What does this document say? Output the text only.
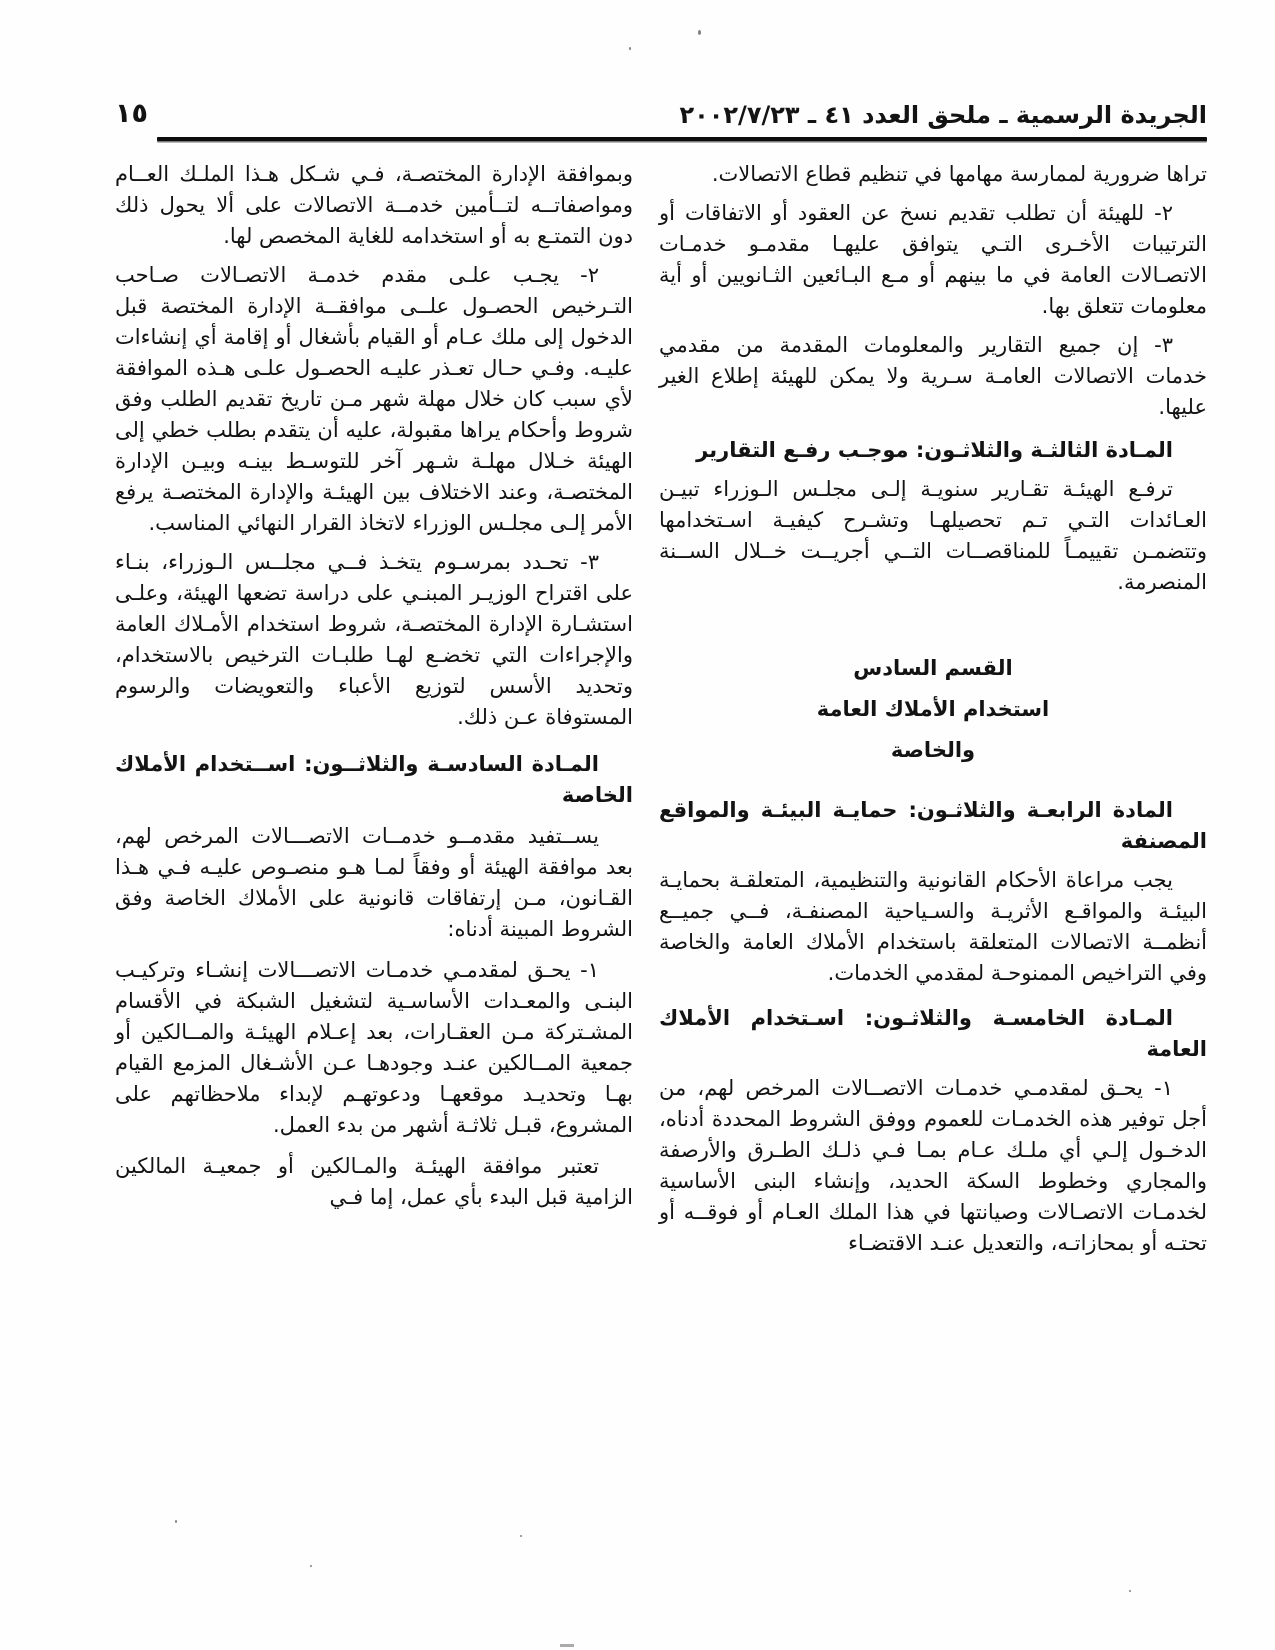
الجريدة الرسمية ـ ملحق العدد ٤١ ـ ٢٠٠٢/٧/٢٣
١٥
تراها ضرورية لممارسة مهامها في تنظيم قطاع الاتصالات.
٢- للهيئة أن تطلب تقديم نسخ عن العقود أو الاتفاقات أو الترتيبات الأخـرى التـي يتوافق عليهـا مقدمـو خدمـات الاتصـالات العامة في ما بينهم أو مـع البـائعين الثـانويين أو أية معلومات تتعلق بها.
٣- إن جميع التقارير والمعلومات المقدمة من مقدمي خدمات الاتصالات العامـة سـرية ولا يمكن للهيئة إطلاع الغير عليها.
المـادة الثالثـة والثلاثـون: موجـب رفـع التقارير
ترفـع الهيئـة تقـارير سنويـة إلـى مجلـس الـوزراء تبيـن العـائدات التـي تـم تحصيلهـا وتشـرح كيفيـة اسـتخدامها وتتضمـن تقييمـاً للمناقصــات التــي أجريــت خــلال الســنة المنصرمة.
القسم السادس
استخدام الأملاك العامة
والخاصة
المادة الرابعـة والثلاثـون: حمايـة البيئـة والمواقع المصنفة
يجب مراعاة الأحكام القانونية والتنظيمية، المتعلقـة بحمايـة البيئـة والمواقـع الأثريـة والسـياحية المصنفـة، فــي جميــع أنظمــة الاتصالات المتعلقة باستخدام الأملاك العامة والخاصة وفي التراخيص الممنوحـة لمقدمي الخدمات.
المـادة الخامسـة والثلاثـون: اسـتخدام الأملاك العامة
١- يحـق لمقدمـي خدمـات الاتصــالات المرخص لهم، من أجل توفير هذه الخدمـات للعموم ووفق الشروط المحددة أدناه، الدخـول إلـي أي ملـك عـام بمـا فـي ذلـك الطـرق والأرصفة والمجاري وخطوط السكة الحديد، وإنشاء البنى الأساسية لخدمـات الاتصـالات وصيانتها في هذا الملك العـام أو فوقــه أو تحتـه أو بمحازاتـه، والتعديل عنـد الاقتضـاء
وبموافقة الإدارة المختصـة، فـي شـكل هـذا الملـك العــام ومواصفاتــه لتــأمين خدمــة الاتصالات على ألا يحول ذلك دون التمتـع به أو استخدامه للغاية المخصص لها.
٢- يجـب علـى مقدم خدمـة الاتصـالات صـاحب التـرخيص الحصـول علــى موافقــة الإدارة المختصة قبل الدخول إلى ملك عـام أو القيام بأشغال أو إقامة أي إنشاءات عليـه. وفـي حـال تعـذر عليـه الحصـول علـى هـذه الموافقة لأي سبب كان خلال مهلة شهر مـن تاريخ تقديم الطلب وفق شروط وأحكام يراها مقبولة، عليه أن يتقدم بطلب خطي إلى الهيئة خـلال مهلـة شـهر آخر للتوسـط بينـه وبيـن الإدارة المختصـة، وعند الاختلاف بين الهيئـة والإدارة المختصـة يرفع الأمر إلـى مجلـس الوزراء لاتخاذ القرار النهائي المناسب.
٣- تحـدد بمرسـوم يتخـذ فــي مجلــس الـوزراء، بنـاء على اقتراح الوزيـر المبنـي على دراسة تضعها الهيئة، وعلـى استشـارة الإدارة المختصـة، شروط استخدام الأمـلاك العامة والإجراءات التي تخضـع لهـا طلبـات الترخيص بالاستخدام، وتحديد الأسس لتوزيع الأعباء والتعويضات والرسوم المستوفاة عـن ذلك.
المـادة السادسـة والثلاثــون: اســتخدام الأملاك الخاصة
يســتفيد مقدمــو خدمــات الاتصـــالات المرخص لهم، بعد موافقة الهيئة أو وفقاً لمـا هـو منصـوص عليـه فـي هـذا القـانون، مـن إرتفاقات قانونية على الأملاك الخاصة وفق الشروط المبينة أدناه:
١- يحـق لمقدمـي خدمـات الاتصـــالات إنشـاء وتركيـب البنـى والمعـدات الأساسـية لتشغيل الشبكة في الأقسام المشـتركة مـن العقـارات، بعد إعـلام الهيئـة والمــالكين أو جمعية المــالكين عنـد وجودهـا عـن الأشـغال المزمع القيام بهـا وتحديـد موقعهـا ودعوتهـم لإبداء ملاحظاتهم على المشروع، قبـل ثلاثـة أشهر من بدء العمل.
تعتبر موافقة الهيئـة والمـالكين أو جمعيـة المالكين الزامية قبل البدء بأي عمل، إما فـي
